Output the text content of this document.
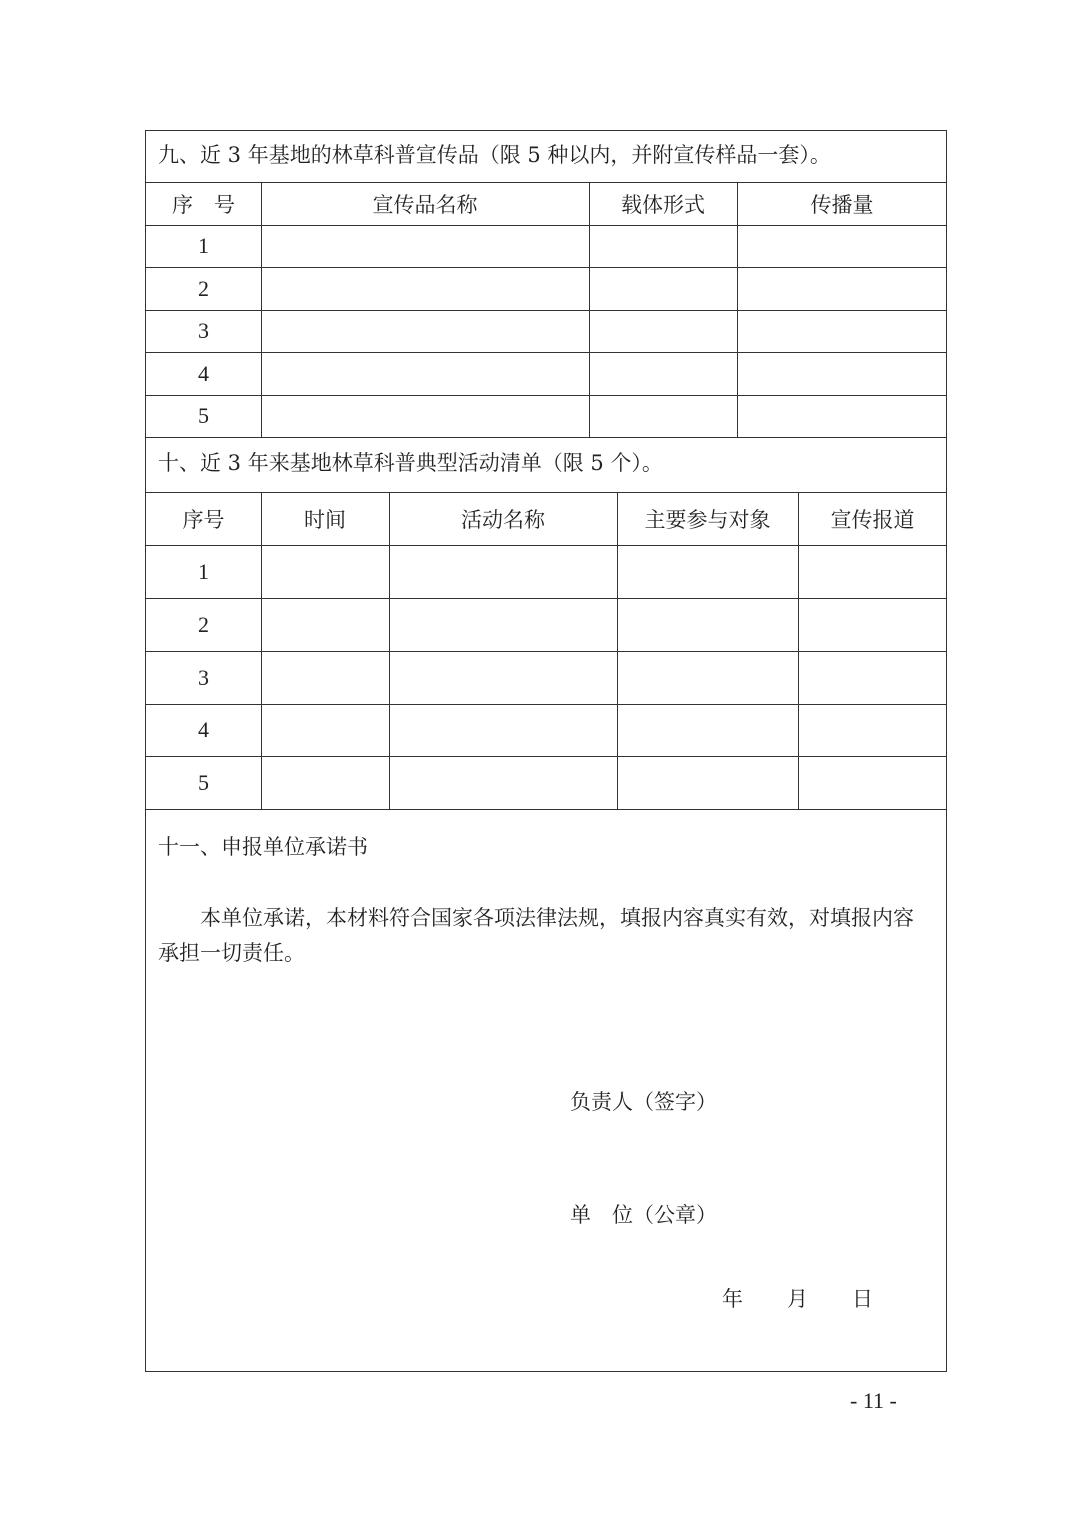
九、近 3 年基地的林草科普宣传品（限 5 种以内，并附宣传样品一套）。
序　号	宣传品名称	载体形式	传播量
1
2
3
4
5
十、近 3 年来基地林草科普典型活动清单（限 5 个）。
序号	时间	活动名称	主要参与对象	宣传报道
1
2
3
4
5
十一、申报单位承诺书
本单位承诺，本材料符合国家各项法律法规，填报内容真实有效，对填报内容
承担一切责任。
负责人（签字）
单　位（公章）
年 月 日
- 11 -
